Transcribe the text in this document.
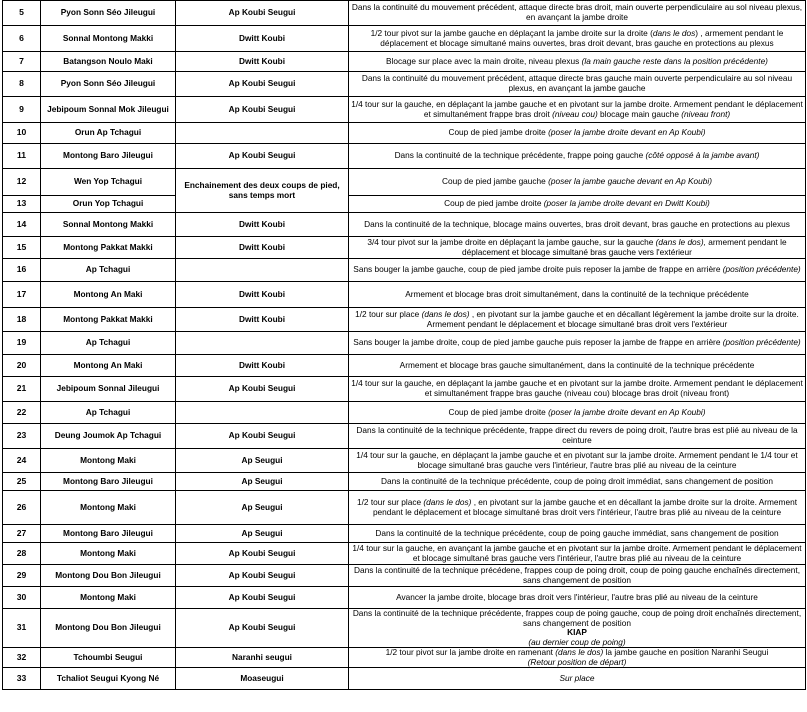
5	Pyon Sonn Séo Jileugui	Ap Koubi Seugui	Dans la continuité du mouvement précédent, attaque directe bras droit, main ouverte perpendiculaire au sol niveau plexus, en avançant la jambe droite
6	Sonnal Montong Makki	Dwitt Koubi	1/2 tour pivot sur la jambe gauche en déplaçant la jambe droite sur la droite (dans le dos) , armement pendant le déplacement et blocage simultané mains ouvertes, bras droit devant, bras gauche en protections au plexus
7	Batangson Noulo Maki	Dwitt Koubi	Blocage sur place avec la main droite, niveau plexus (la main gauche reste dans la position précédente)
8	Pyon Sonn Séo Jileugui	Ap Koubi Seugui	Dans la continuité du mouvement précédent, attaque directe bras gauche main ouverte perpendiculaire au sol niveau plexus, en avançant la jambe gauche
9	Jebipoum Sonnal Mok Jileugui	Ap Koubi Seugui	1/4 tour sur la gauche, en déplaçant la jambe gauche et en pivotant sur la jambe droite. Armement pendant le déplacement et simultanément frappe bras droit (niveau cou) blocage main gauche (niveau front)
10	Orun Ap Tchagui		Coup de pied jambe droite (poser la jambe droite devant en Ap Koubi)
11	Montong Baro Jileugui	Ap Koubi Seugui	Dans la continuité de la technique précédente, frappe poing gauche (côté opposé à la jambe avant)
12	Wen Yop Tchagui	Enchainement des deux coups de pied, sans temps mort	Coup de pied jambe gauche (poser la jambe gauche devant en Ap Koubi)
13	Orun Yop Tchagui		Coup de pied jambe droite (poser la jambe droite devant en Dwitt Koubi)
14	Sonnal Montong Makki	Dwitt Koubi	Dans la continuité de la technique, blocage mains ouvertes, bras droit devant, bras gauche en protections au plexus
15	Montong Pakkat Makki	Dwitt Koubi	3/4 tour pivot sur la jambe droite en déplaçant la jambe gauche, sur la gauche (dans le dos), armement pendant le déplacement et blocage simultané bras gauche vers l'extérieur
16	Ap Tchagui		Sans bouger la jambe gauche, coup de pied jambe droite puis reposer la jambe de frappe en arrière (position précédente)
17	Montong An Maki	Dwitt Koubi	Armement et blocage bras droit simultanément, dans la continuité de la technique précédente
18	Montong Pakkat Makki	Dwitt Koubi	1/2 tour sur place (dans le dos) , en pivotant sur la jambe gauche et en décallant légèrement la jambe droite sur la droite. Armement pendant le déplacement et blocage simultané bras droit vers l'extérieur
19	Ap Tchagui		Sans bouger la jambe droite, coup de pied jambe gauche puis reposer la jambe de frappe en arrière (position précédente)
20	Montong An Maki	Dwitt Koubi	Armement et blocage bras gauche simultanément, dans la continuité de la technique précédente
21	Jebipoum Sonnal Jileugui	Ap Koubi Seugui	1/4 tour sur la gauche, en déplaçant la jambe gauche et en pivotant sur la jambe droite. Armement pendant le déplacement et simultanément frappe bras gauche (niveau cou) blocage bras droit (niveau front)
22	Ap Tchagui		Coup de pied jambe droite (poser la jambe droite devant en Ap Koubi)
23	Deung Joumok Ap Tchagui	Ap Koubi Seugui	Dans la continuité de la technique précédente, frappe direct du revers de poing droit, l'autre bras est plié au niveau de la ceinture
24	Montong Maki	Ap Seugui	1/4 tour sur la gauche, en déplaçant la jambe gauche et en pivotant sur la jambe droite. Armement pendant le 1/4 tour et blocage simultané bras gauche vers l'intérieur, l'autre bras plié au niveau de la ceinture
25	Montong Baro Jileugui	Ap Seugui	Dans la continuité de la technique précédente, coup de poing droit immédiat, sans changement de position
26	Montong Maki	Ap Seugui	1/2 tour sur place (dans le dos) , en pivotant sur la jambe gauche et en décallant la jambe droite sur la droite. Armement pendant le déplacement et blocage simultané bras droit vers l'intérieur, l'autre bras plié au niveau de la ceinture
27	Montong Baro Jileugui	Ap Seugui	Dans la continuité de la technique précédente, coup de poing gauche immédiat, sans changement de position
28	Montong Maki	Ap Koubi Seugui	1/4 tour sur la gauche, en avançant la jambe gauche et en pivotant sur la jambe droite. Armement pendant le déplacement et blocage simultané bras gauche vers l'intérieur, l'autre bras plié au niveau de la ceinture
29	Montong Dou Bon Jileugui	Ap Koubi Seugui	Dans la continuité de la technique précédene, frappes coup de poing droit, coup de poing gauche enchaînés directement, sans changement de position
30	Montong Maki	Ap Koubi Seugui	Avancer la jambe droite, blocage bras droit vers l'intérieur, l'autre bras plié au niveau de la ceinture
31	Montong Dou Bon Jileugui	Ap Koubi Seugui	Dans la continuité de la technique précédente, frappes coup de poing gauche, coup de poing droit enchaînés directement, sans changement de position
KIAP
(au dernier coup de poing)
32	Tchoumbi Seugui	Naranhi seugui	1/2 tour pivot sur la jambe droite en ramenant (dans le dos) la jambe gauche en position Naranhi Seugui
(Retour position de départ)
33	Tchaliot Seugui Kyong Né	Moaseugui	Sur place
